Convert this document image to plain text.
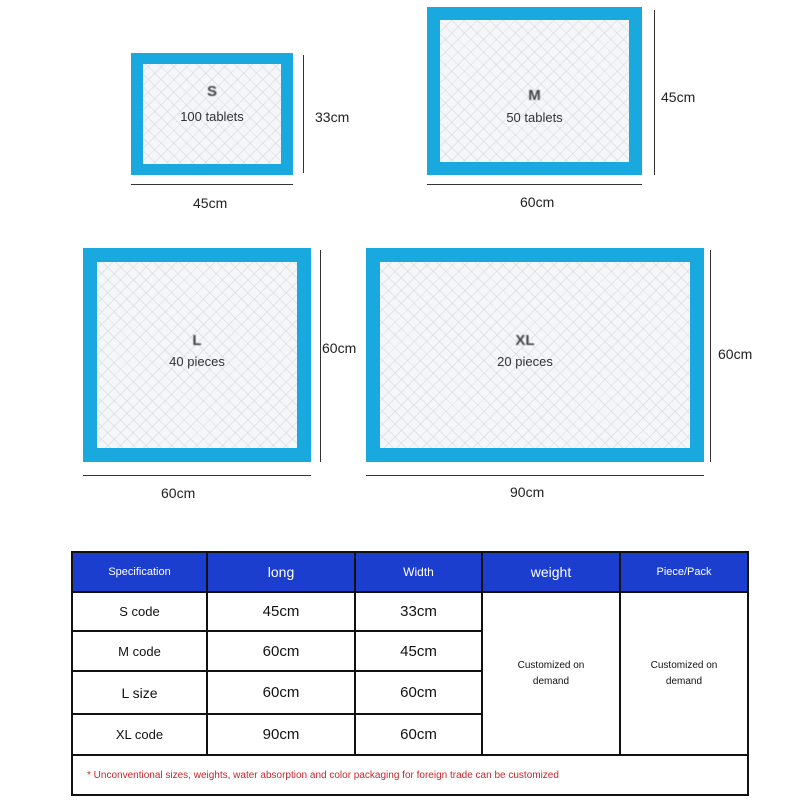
S
100 tablets
45cm
33cm
M
50 tablets
60cm
45cm
L
40 pieces
60cm
60cm	XL
20 pieces
90cm
60cm
Specification	long	Width	weight	Piece/Pack
S code	45cm	33cm	Customized on demand	Customized on demand

M code	60cm	45cm		
L size	60cm	60cm		
XL code	90cm	60cm		
* Unconventional sizes, weights, water absorption and color packaging for foreign trade can be customized				
